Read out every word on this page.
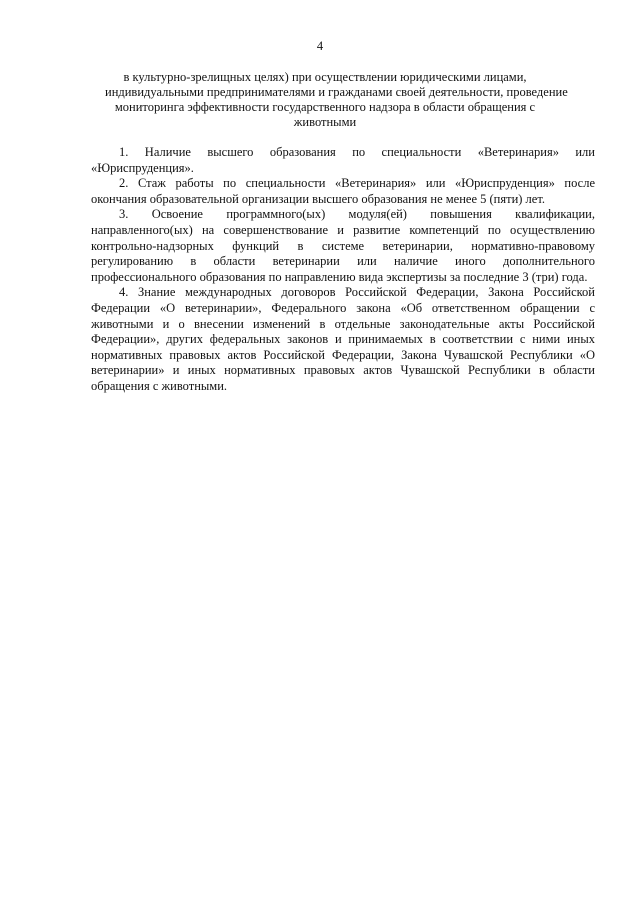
4
в культурно-зрелищных целях) при осуществлении юридическими лицами,
индивидуальными предпринимателями и гражданами своей деятельности, проведение
мониторинга эффективности государственного надзора в области обращения с
животными

1. Наличие высшего образования по специальности «Ветеринария» или «Юриспруденция».

2. Стаж работы по специальности «Ветеринария» или «Юриспруденция» после окончания образовательной организации высшего образования не менее 5 (пяти) лет.

3. Освоение программного(ых) модуля(ей) повышения квалификации, направленного(ых) на совершенствование и развитие компетенций по осуществлению контрольно-надзорных функций в системе ветеринарии, нормативно-правовому регулированию в области ветеринарии или наличие иного дополнительного профессионального образования по направлению вида экспертизы за последние 3 (три) года.

4. Знание международных договоров Российской Федерации, Закона Российской Федерации «О ветеринарии», Федерального закона «Об ответственном обращении с животными и о внесении изменений в отдельные законодательные акты Российской Федерации», других федеральных законов и принимаемых в соответствии с ними иных нормативных правовых актов Российской Федерации, Закона Чувашской Республики «О ветеринарии» и иных нормативных правовых актов Чувашской Республики в области обращения с животными.
